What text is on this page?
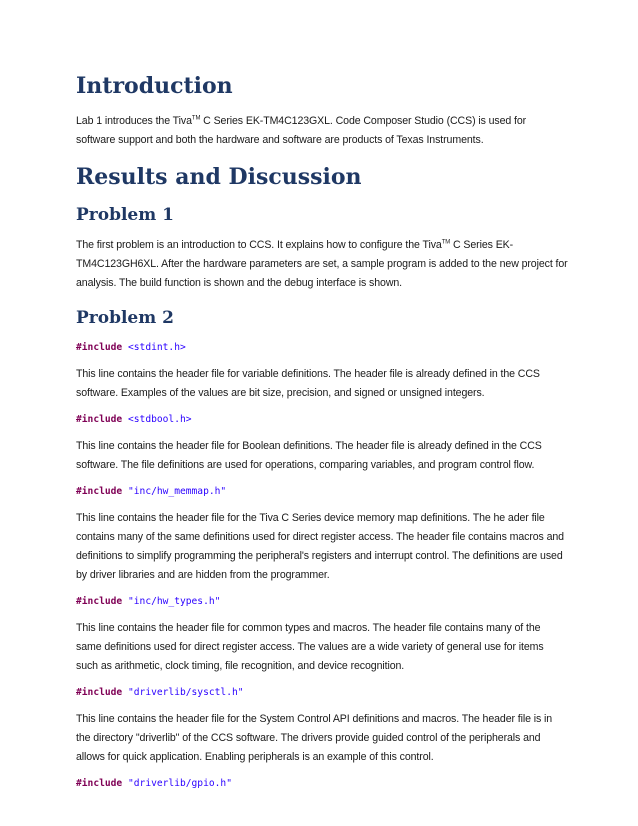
Introduction

Lab 1 introduces the Tiva™ C Series EK-TM4C123GXL. Code Composer Studio (CCS) is used for software support and both the hardware and software are products of Texas Instruments.

Results and Discussion
Problem 1

The first problem is an introduction to CCS. It explains how to configure the Tiva™ C Series EK-TM4C123GH6XL. After the hardware parameters are set, a sample program is added to the new project for analysis. The build function is shown and the debug interface is shown.

Problem 2

#include <stdint.h>

This line contains the header file for variable definitions. The header file is already defined in the CCS software. Examples of the values are bit size, precision, and signed or unsigned integers.

#include <stdbool.h>

This line contains the header file for Boolean definitions. The header file is already defined in the CCS software. The file definitions are used for operations, comparing variables, and program control flow.

#include "inc/hw_memmap.h"

This line contains the header file for the Tiva C Series device memory map definitions. The he ader file contains many of the same definitions used for direct register access. The header file contains macros and definitions to simplify programming the peripheral's registers and interrupt control. The definitions are used by driver libraries and are hidden from the programmer.

#include "inc/hw_types.h"

This line contains the header file for common types and macros. The header file contains many of the same definitions used for direct register access. The values are a wide variety of general use for items such as arithmetic, clock timing, file recognition, and device recognition.

#include "driverlib/sysctl.h"

This line contains the header file for the System Control API definitions and macros. The header file is in the directory "driverlib" of the CCS software. The drivers provide guided control of the peripherals and allows for quick application. Enabling peripherals is an example of this control.

#include "driverlib/gpio.h"
